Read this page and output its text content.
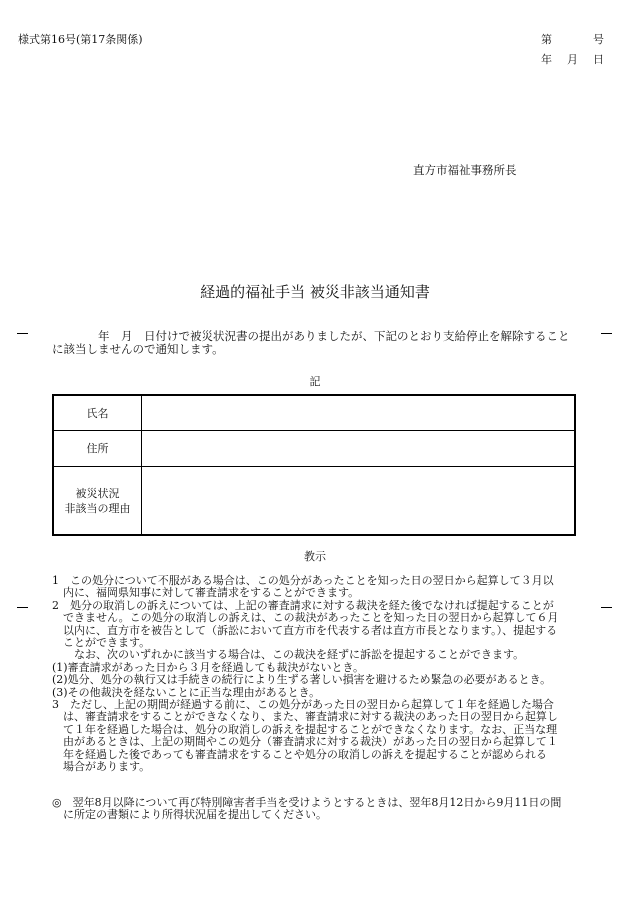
様式第16号(第17条関係)	第　　　号
年　月　日
直方市福祉事務所長
経過的福祉手当 被災非該当通知書
　　　　年　月　日付けで被災状況書の提出がありましたが、下記のとおり支給停止を解除すること
に該当しませんので通知します。
記
氏名
住所
被災状況
非該当の理由
教示
1　この処分について不服がある場合は、この処分があったことを知った日の翌日から起算して３月以
　内に、福岡県知事に対して審査請求をすることができます。
2　処分の取消しの訴えについては、上記の審査請求に対する裁決を経た後でなければ提起することが
　できません。この処分の取消しの訴えは、この裁決があったことを知った日の翌日から起算して６月
　以内に、直方市を被告として（訴訟において直方市を代表する者は直方市長となります。）、提起する
　ことができます。
　　なお、次のいずれかに該当する場合は、この裁決を経ずに訴訟を提起することができます。
(1)審査請求があった日から３月を経過しても裁決がないとき。
(2)処分、処分の執行又は手続きの続行により生ずる著しい損害を避けるため緊急の必要があるとき。
(3)その他裁決を経ないことに正当な理由があるとき。
3　ただし、上記の期間が経過する前に、この処分があった日の翌日から起算して１年を経過した場合
　は、審査請求をすることができなくなり、また、審査請求に対する裁決のあった日の翌日から起算し
　て１年を経過した場合は、処分の取消しの訴えを提起することができなくなります。なお、正当な理
　由があるときは、上記の期間やこの処分（審査請求に対する裁決）があった日の翌日から起算して１
　年を経過した後であっても審査請求をすることや処分の取消しの訴えを提起することが認められる
　場合があります。
◎　翌年8月以降について再び特別障害者手当を受けようとするときは、翌年8月12日から9月11日の間
　に所定の書類により所得状況届を提出してください。
